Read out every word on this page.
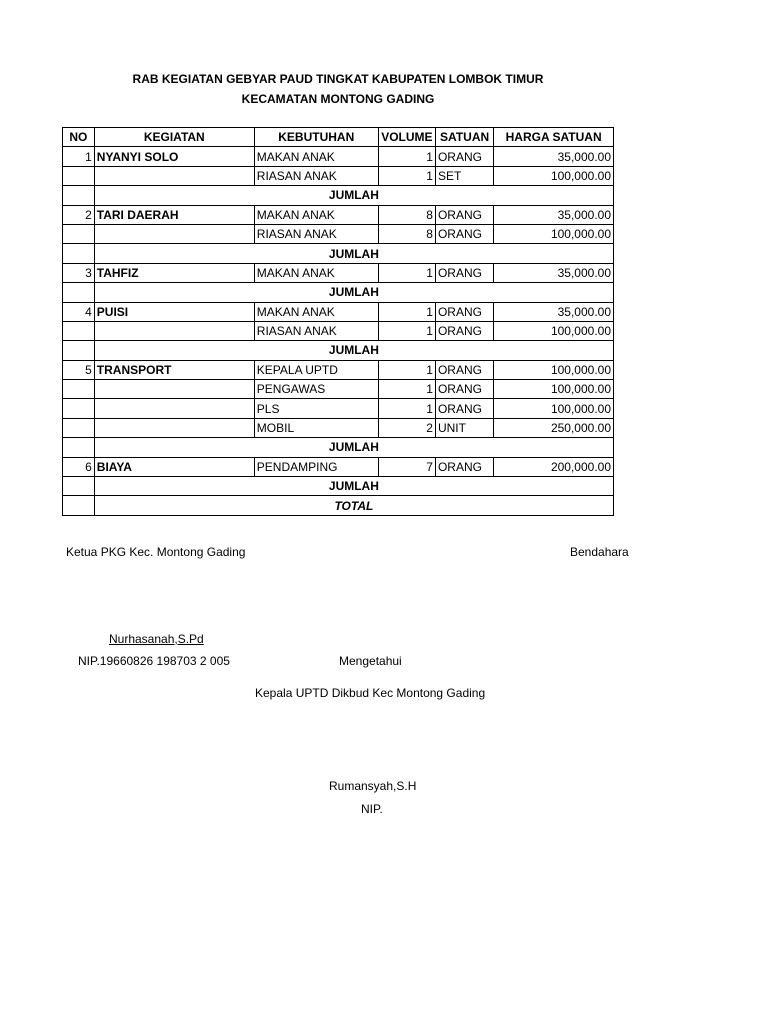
RAB KEGIATAN GEBYAR PAUD TINGKAT KABUPATEN LOMBOK TIMUR
KECAMATAN MONTONG GADING
NO	KEGIATAN	KEBUTUHAN	VOLUME	SATUAN	HARGA SATUAN
1	NYANYI SOLO	MAKAN ANAK	1	ORANG	35,000.00
		RIASAN ANAK	1	SET	100,000.00
	JUMLAH				
2	TARI DAERAH	MAKAN ANAK	8	ORANG	35,000.00
		RIASAN ANAK	8	ORANG	100,000.00
	JUMLAH				
3	TAHFIZ	MAKAN ANAK	1	ORANG	35,000.00
	JUMLAH				
4	PUISI	MAKAN ANAK	1	ORANG	35,000.00
		RIASAN ANAK	1	ORANG	100,000.00
	JUMLAH				
5	TRANSPORT	KEPALA UPTD	1	ORANG	100,000.00
		PENGAWAS	1	ORANG	100,000.00
		PLS	1	ORANG	100,000.00
		MOBIL	2	UNIT	250,000.00
	JUMLAH				
6	BIAYA	PENDAMPING	7	ORANG	200,000.00
	JUMLAH				
	TOTAL				
Ketua PKG Kec. Montong Gading	Bendahara
Nurhasanah,S.Pd
NIP.19660826 198703 2 005	Mengetahui
Kepala UPTD Dikbud Kec Montong Gading
Rumansyah,S.H
NIP.
